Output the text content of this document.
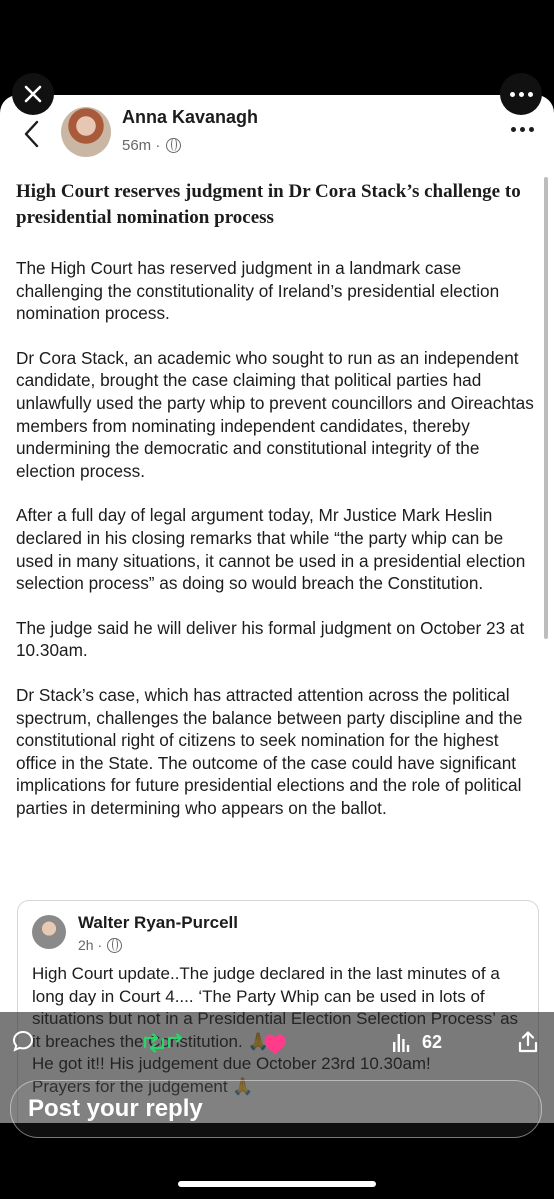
Anna Kavanagh
56m ·
High Court reserves judgment in Dr Cora Stack’s challenge to presidential nomination process

The High Court has reserved judgment in a landmark case challenging the constitutionality of Ireland’s presidential election nomination process.

Dr Cora Stack, an academic who sought to run as an independent candidate, brought the case claiming that political parties had unlawfully used the party whip to prevent councillors and Oireachtas members from nominating independent candidates, thereby undermining the democratic and constitutional integrity of the election process.

After a full day of legal argument today, Mr Justice Mark Heslin declared in his closing remarks that while “the party whip can be used in many situations, it cannot be used in a presidential election selection process” as doing so would breach the Constitution.

The judge said he will deliver his formal judgment on October 23 at 10.30am.

Dr Stack’s case, which has attracted attention across the political spectrum, challenges the balance between party discipline and the constitutional right of citizens to seek nomination for the highest office in the State. The outcome of the case could have significant implications for future presidential elections and the role of political parties in determining who appears on the ballot.

Walter Ryan-Purcell
2h ·

High Court update..The judge declared in the last minutes of a long day in Court 4.... ‘The Party Whip can be used in lots of

62
Post your reply
